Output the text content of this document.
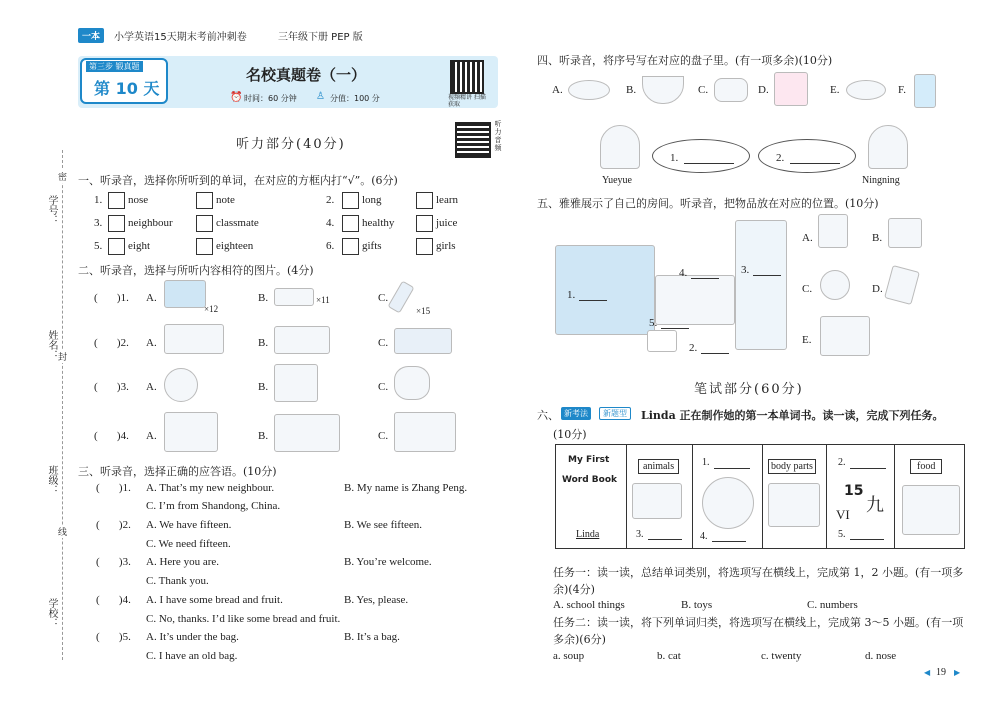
学号：
密
姓名： 封
班级：
线
学校：
一本	小学英语15天期末考前冲刺卷	三年级下册 PEP 版
第三步 锻真题
第 10 天
名校真题卷（一）
⏰ 时间：60 分钟 ♙ 分值：100 分	视频精讲 扫描获取
听力音频
听力部分(40分)
一、听录音，选择你所听到的单词，在对应的方框内打“√”。(6分)
1. nose	note	2.	long	learn
3. neighbour	classmate	4.	healthy	juice
5. eight	eighteen	6.	gifts	girls
二、听录音，选择与所听内容相符的图片。(4分)
(       )1. A.
×12
B.	×11	C.
×15
(       )2. A.	B.	C.
(       )3. A.	B.	C.
(       )4. A.	B.	C.
三、听录音，选择正确的应答语。(10分)
(       )1. A. That’s my new neighbour.	B. My name is Zhang Peng.
C. I’m from Shandong, China.
(       )2. A. We have fifteen.	B. We see fifteen.
C. We need fifteen.
(       )3. A. Here you are.	B. You’re welcome.
C. Thank you.
(       )4. A. I have some bread and fruit.	B. Yes, please.
C. No, thanks. I’d like some bread and fruit.
(       )5. A. It’s under the bag.	B. It’s a bag.
C. I have an old bag.
四、听录音，将序号写在对应的盘子里。(有一项多余)(10分)
A.	B.	C.	D.	E.	F.
Yueyue
1.	2.
Ningning
五、雅雅展示了自己的房间。听录音，把物品放在对应的位置。(10分)
1.
2.
3.
4.
5.
A.	B.
C.	D.
E.
笔试部分(60分)
六、 新考法	新题型	Linda 正在制作她的第一本单词书。读一读，完成下列任务。
(10分)
My First
Word Book
Linda
animals
3.
1.
4.
body parts	2.
15
VI 九
5.
food
任务一：读一读，总结单词类别，将选项写在横线上，完成第 1，2 小题。(有一项多余)(4分)
A. school things	B. toys	C. numbers
任务二：读一读，将下列单词归类，将选项写在横线上，完成第 3～5 小题。(有一项多余)(6分)
a. soup	b. cat	c. twenty	d. nose
◀ 19 ▶
